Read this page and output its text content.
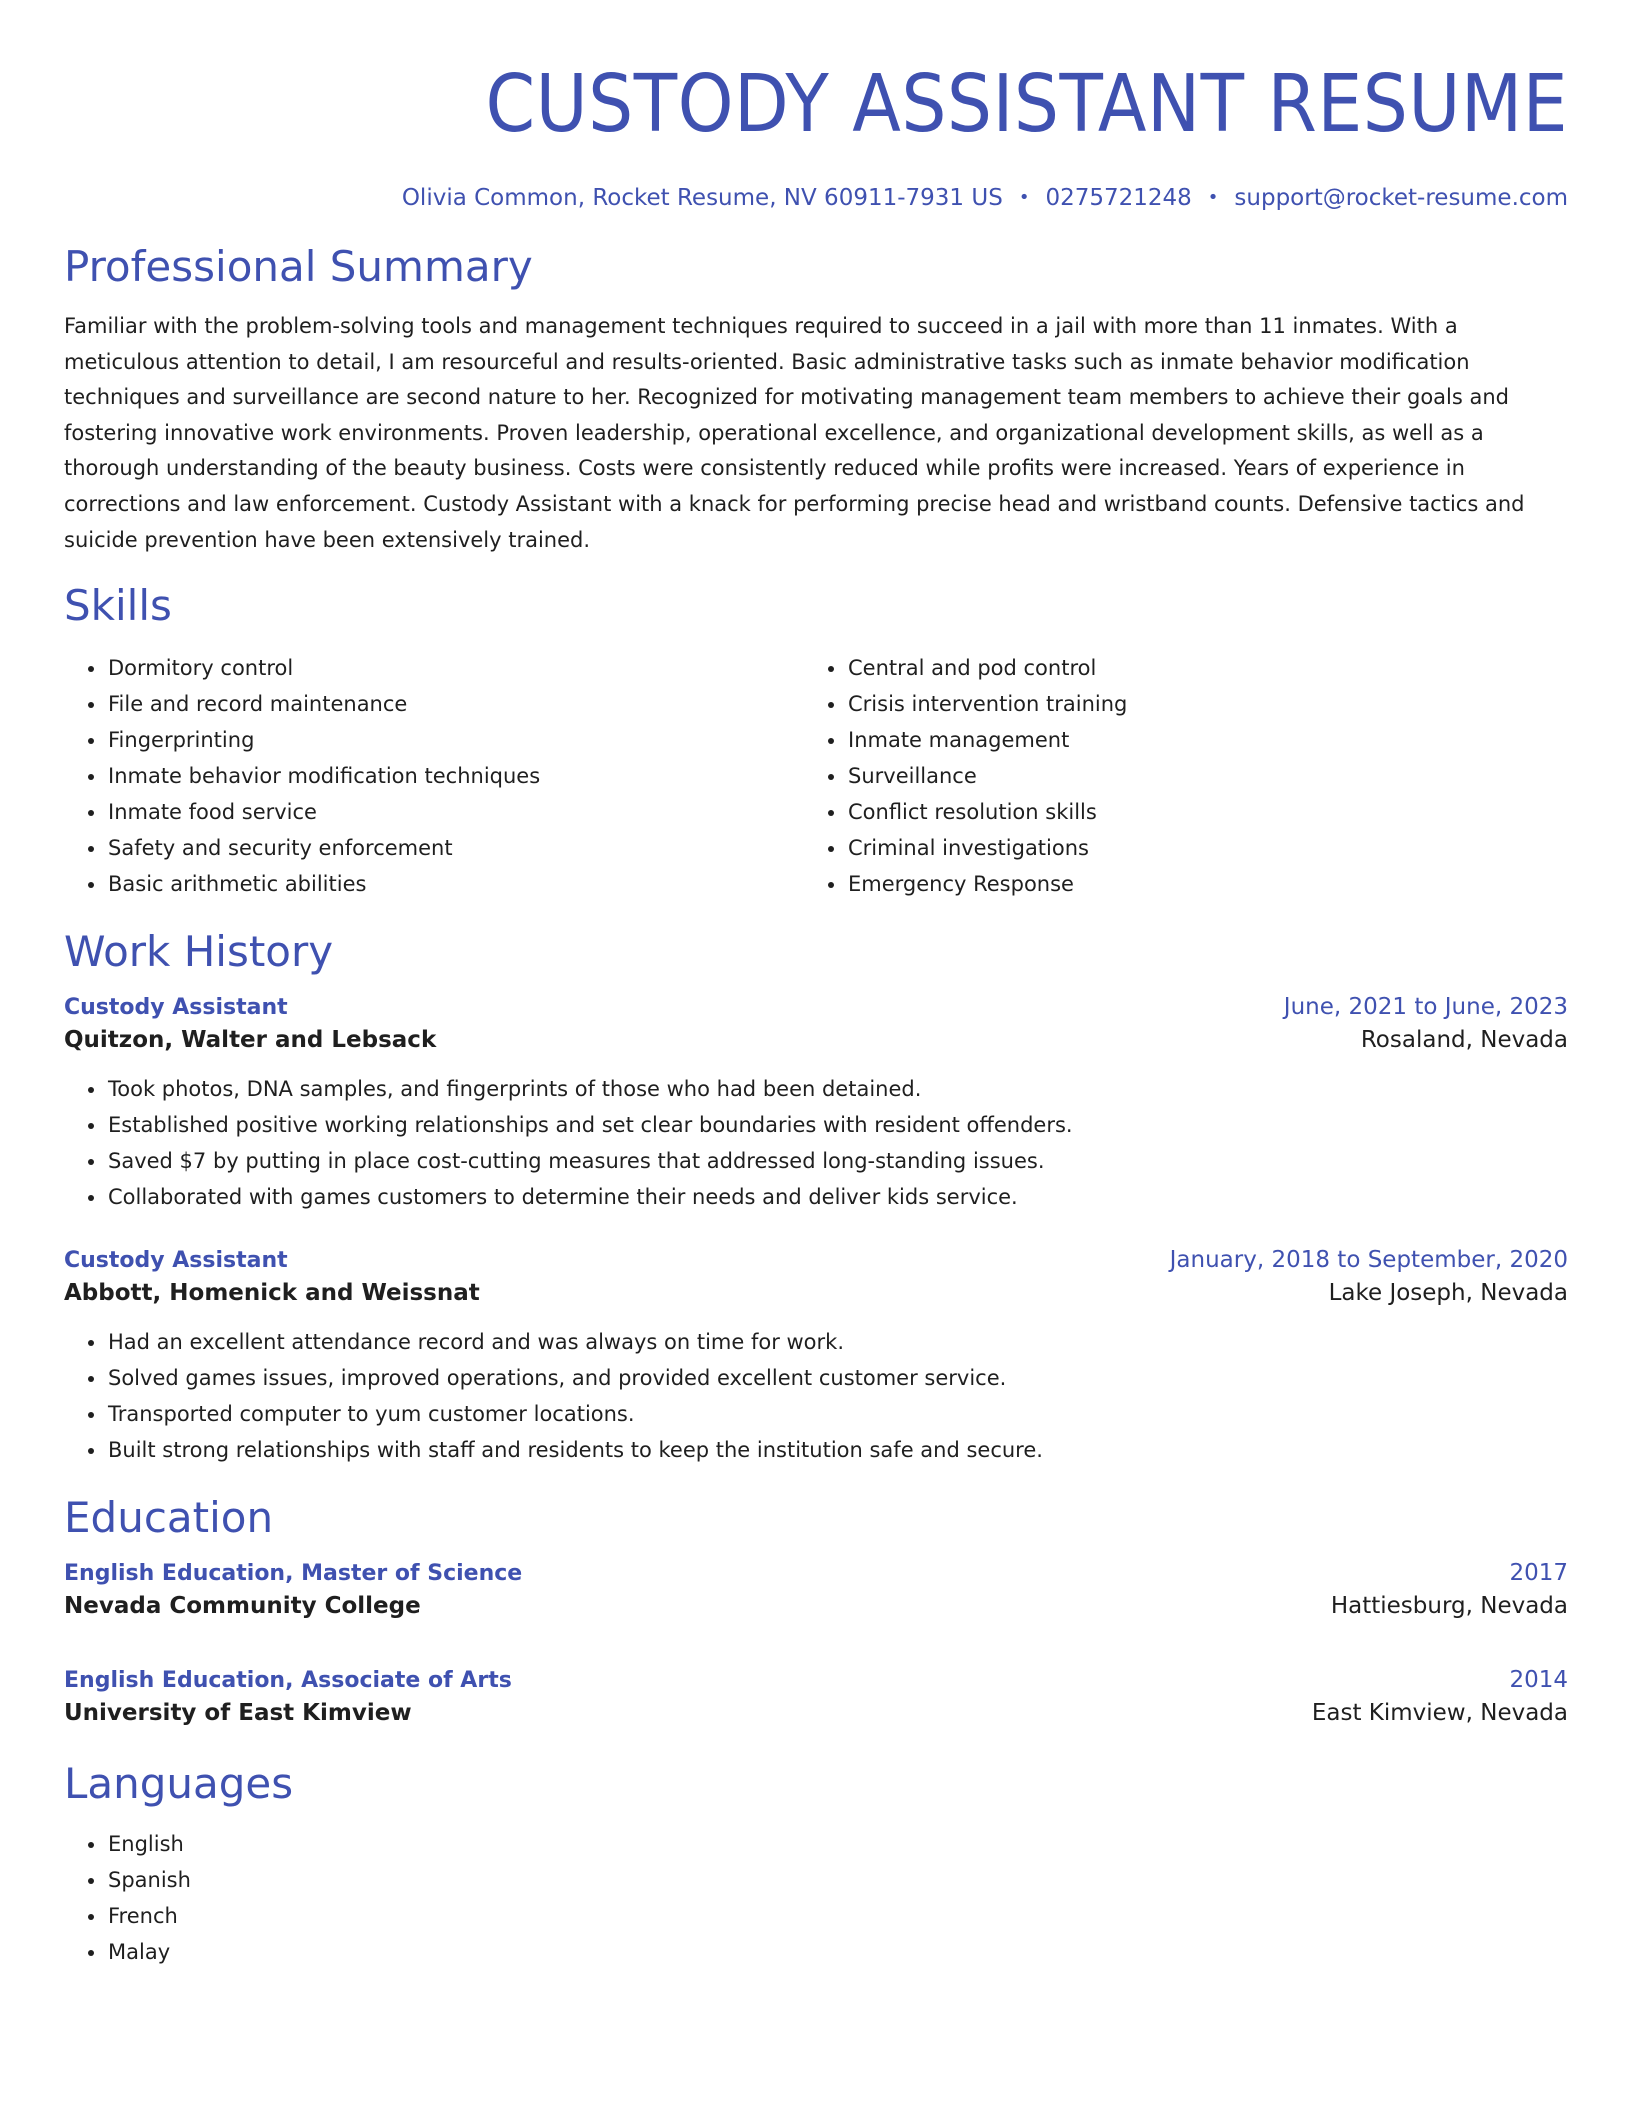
CUSTODY ASSISTANT RESUME
Olivia Common, Rocket Resume, NV 60911-7931 US • 0275721248 • support@rocket-resume.com
Professional Summary
Familiar with the problem-solving tools and management techniques required to succeed in a jail with more than 11 inmates. With a meticulous attention to detail, I am resourceful and results-oriented. Basic administrative tasks such as inmate behavior modification techniques and surveillance are second nature to her. Recognized for motivating management team members to achieve their goals and fostering innovative work environments. Proven leadership, operational excellence, and organizational development skills, as well as a thorough understanding of the beauty business. Costs were consistently reduced while profits were increased. Years of experience in corrections and law enforcement. Custody Assistant with a knack for performing precise head and wristband counts. Defensive tactics and suicide prevention have been extensively trained.
Skills
• Dormitory control
• File and record maintenance
• Fingerprinting
• Inmate behavior modification techniques
• Inmate food service
• Safety and security enforcement
• Basic arithmetic abilities
• Central and pod control
• Crisis intervention training
• Inmate management
• Surveillance
• Conflict resolution skills
• Criminal investigations
• Emergency Response
Work History
Custody Assistant	June, 2021 to June, 2023
Quitzon, Walter and Lebsack	Rosaland, Nevada
• Took photos, DNA samples, and fingerprints of those who had been detained.
• Established positive working relationships and set clear boundaries with resident offenders.
• Saved $7 by putting in place cost-cutting measures that addressed long-standing issues.
• Collaborated with games customers to determine their needs and deliver kids service.
Custody Assistant	January, 2018 to September, 2020
Abbott, Homenick and Weissnat	Lake Joseph, Nevada
• Had an excellent attendance record and was always on time for work.
• Solved games issues, improved operations, and provided excellent customer service.
• Transported computer to yum customer locations.
• Built strong relationships with staff and residents to keep the institution safe and secure.
Education
English Education, Master of Science	2017
Nevada Community College	Hattiesburg, Nevada
English Education, Associate of Arts	2014
University of East Kimview	East Kimview, Nevada
Languages
• English
• Spanish
• French
• Malay
